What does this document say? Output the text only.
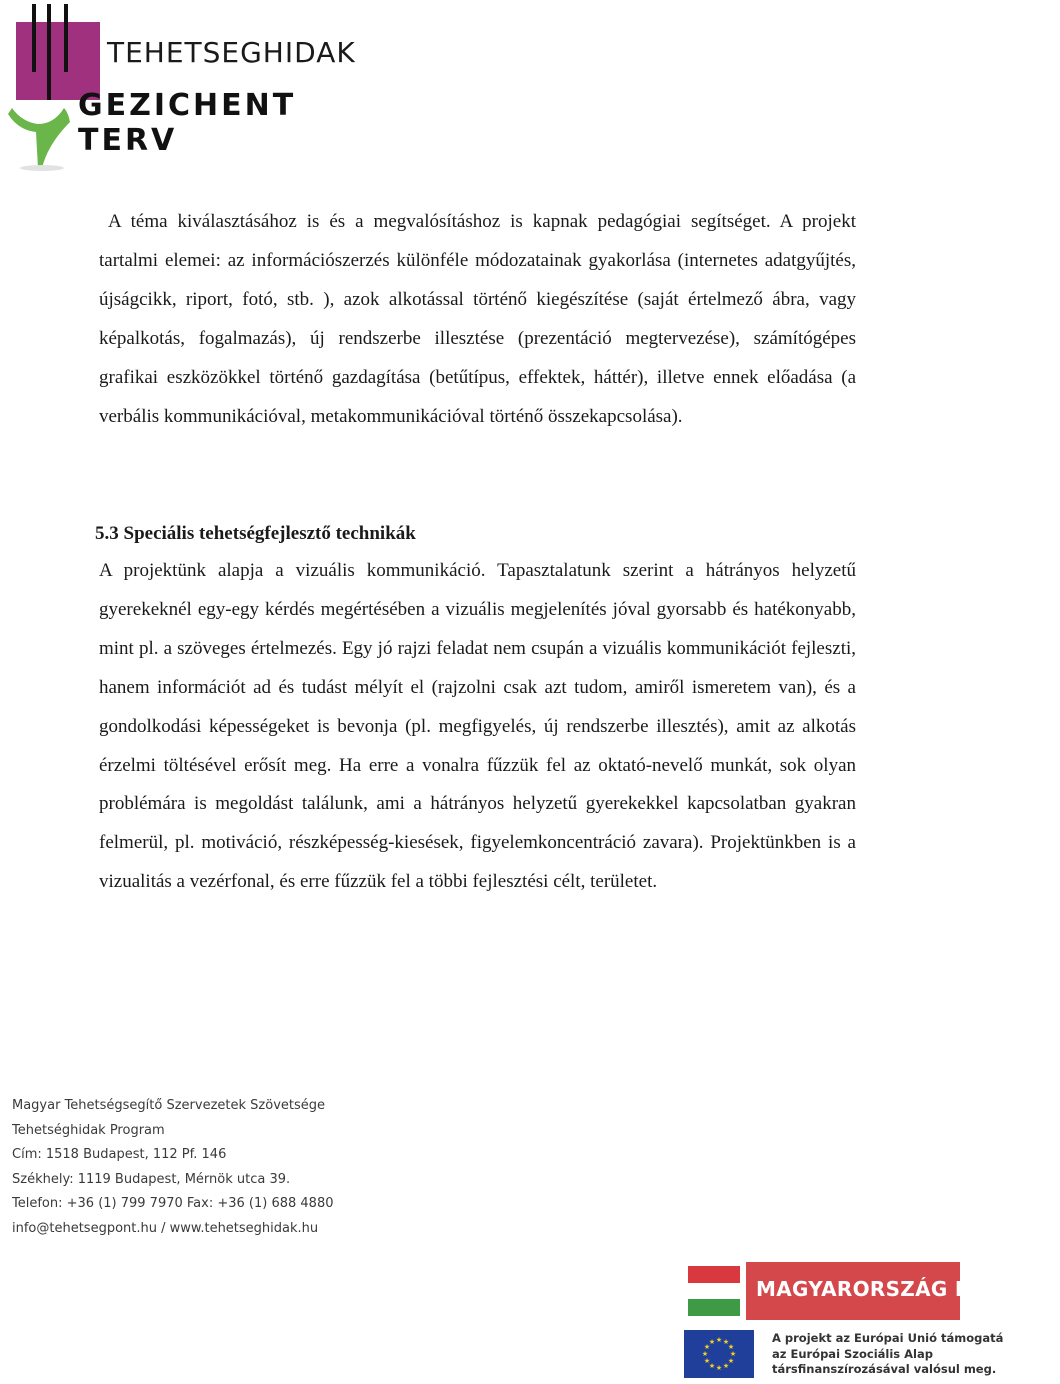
TEHETSEGHIDAK
GEZICHENT TERV

A téma kiválasztásához is és a megvalósításhoz is kapnak pedagógiai segítséget. A projekt tartalmi elemei: az információszerzés különféle módozatainak gyakorlása (internetes adatgyűjtés, újságcikk, riport, fotó, stb. ), azok alkotással történő kiegészítése (saját értelmező ábra, vagy képalkotás, fogalmazás), új rendszerbe illesztése (prezentáció megtervezése), számítógépes grafikai eszközökkel történő gazdagítása (betűtípus, effektek, háttér), illetve ennek előadása (a verbális kommunikációval, metakommunikációval történő összekapcsolása).

5.3 Speciális tehetségfejlesztő technikák

A projektünk alapja a vizuális kommunikáció. Tapasztalatunk szerint a hátrányos helyzetű gyerekeknél egy-egy kérdés megértésében a vizuális megjelenítés jóval gyorsabb és hatékonyabb, mint pl. a szöveges értelmezés. Egy jó rajzi feladat nem csupán a vizuális kommunikációt fejleszti, hanem információt ad és tudást mélyít el (rajzolni csak azt tudom, amiről ismeretem van), és a gondolkodási képességeket is bevonja (pl. megfigyelés, új rendszerbe illesztés), amit az alkotás érzelmi töltésével erősít meg. Ha erre a vonalra fűzzük fel az oktató-nevelő munkát, sok olyan problémára is megoldást találunk, ami a hátrányos helyzetű gyerekekkel kapcsolatban gyakran felmerül, pl. motiváció, részképesség-kiesések, figyelemkoncentráció zavara). Projektünkben is a vizualitás a vezérfonal, és erre fűzzük fel a többi fejlesztési célt, területet.

Magyar Tehetségsegítő Szervezetek Szövetsége
Tehetséghidak Program
Cím: 1518 Budapest, 112 Pf. 146
Székhely: 1119 Budapest, Mérnök utca 39.
Telefon: +36 (1) 799 7970 Fax: +36 (1) 688 4880
info@tehetsegpont.hu / www.tehetseghidak.hu
MAGYARORSZÁG MEGÚJUL
★ ★
★
★
★
★
★
★
★
★
★
★	A projekt az Európai Unió támogatá
az Európai Szociális Alap
társfinanszírozásával valósul meg.
